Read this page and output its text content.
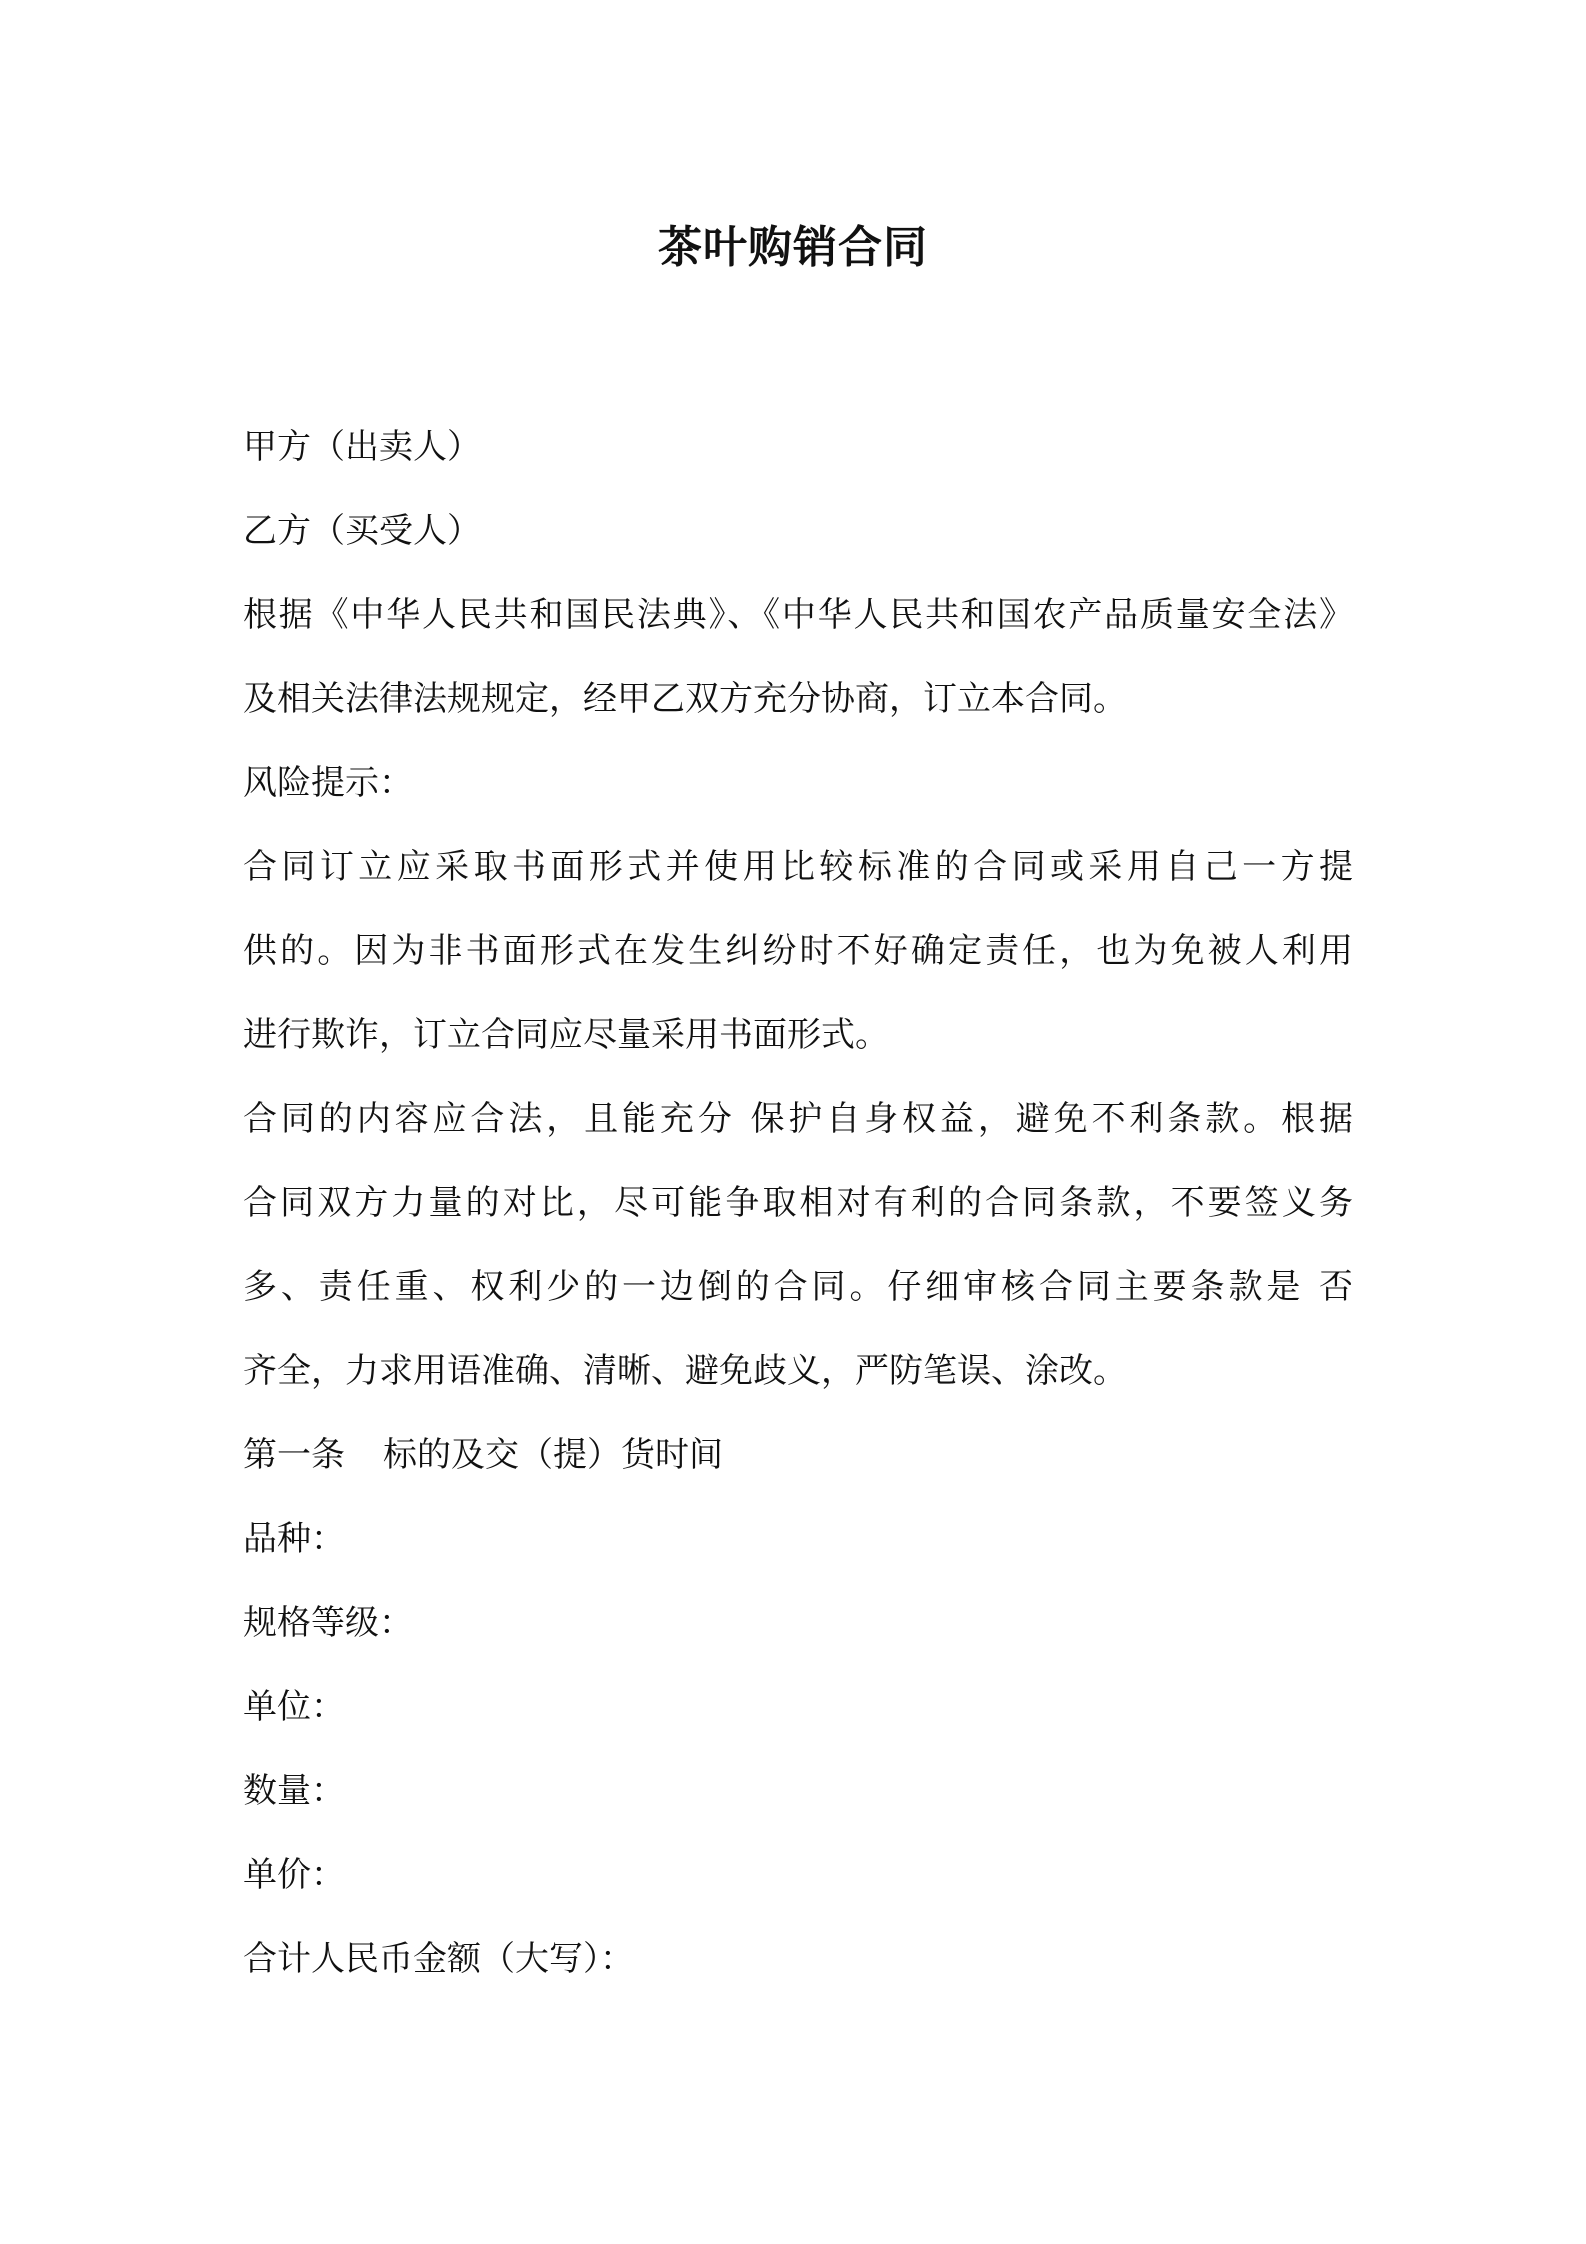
茶叶购销合同
甲方（出卖人）
乙方（买受人）
根据《中华人民共和国民法典》、《中华人民共和国农产品质量安全法》
及相关法律法规规定，经甲乙双方充分协商，订立本合同。
风险提示：
合同订立应采取书面形式并使用比较标准的合同或采用自己一方提
供的。因为非书面形式在发生纠纷时不好确定责任，也为免被人利用
进行欺诈，订立合同应尽量采用书面形式。
合同的内容应合法，且能充分 保护自身权益，避免不利条款。根据
合同双方力量的对比，尽可能争取相对有利的合同条款，不要签义务
多、责任重、权利少的一边倒的合同。仔细审核合同主要条款是 否
齐全，力求用语准确、清晰、避免歧义，严防笔误、涂改。
第一条 标的及交（提）货时间
品种：
规格等级：
单位：
数量：
单价：
合计人民币金额（大写）：
